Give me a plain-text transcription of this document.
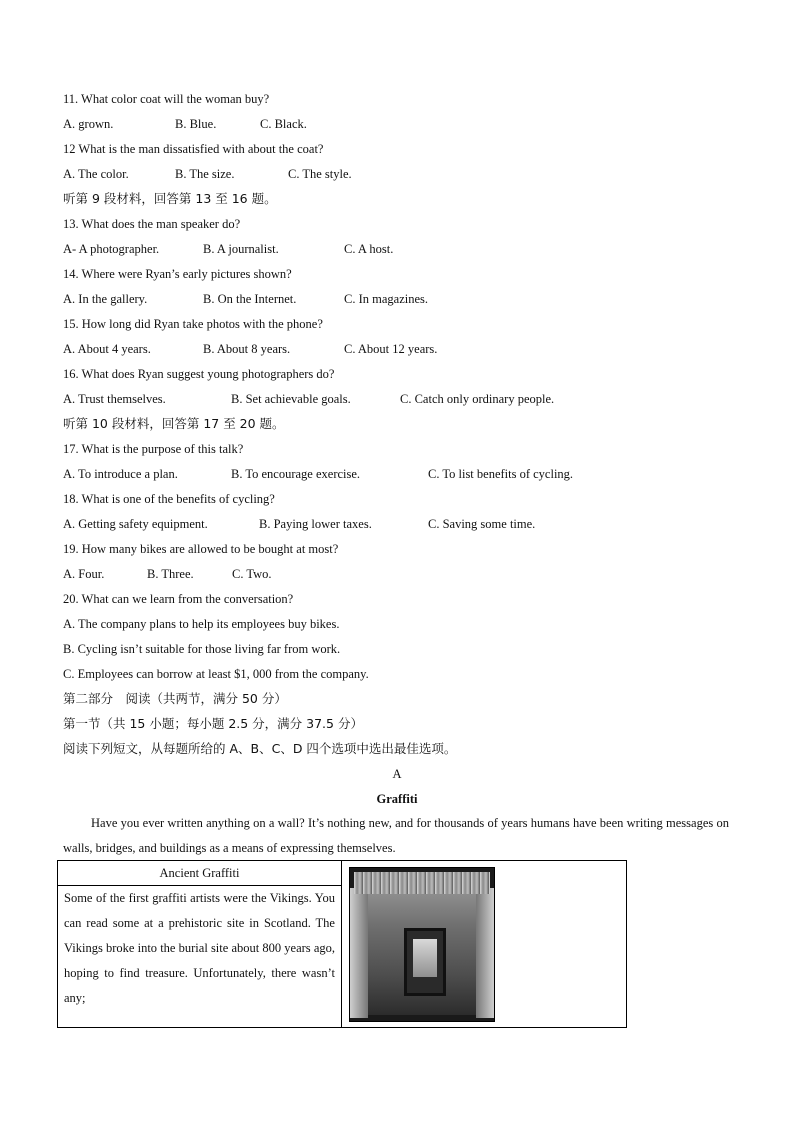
11. What color coat will the woman buy?
A. grown.	B. Blue.	C. Black.
12 What is the man dissatisfied with about the coat?
A. The color.	B. The size.	C. The style.
听第 9 段材料，回答第 13 至 16 题。
13. What does the man speaker do?
A- A photographer.	B. A journalist.	C. A host.
14. Where were Ryan’s early pictures shown?
A. In the gallery.	B. On the Internet.	C. In magazines.
15. How long did Ryan take photos with the phone?
A. About 4 years.	B. About 8 years.	C. About 12 years.
16. What does Ryan suggest young photographers do?
A. Trust themselves.	B. Set achievable goals.	C. Catch only ordinary people.
听第 10 段材料，回答第 17 至 20 题。
17. What is the purpose of this talk?
A. To introduce a plan.	B. To encourage exercise.	C. To list benefits of cycling.
18. What is one of the benefits of cycling?
A. Getting safety equipment.	B. Paying lower taxes.	C. Saving some time.
19. How many bikes are allowed to be bought at most?
A. Four.	B. Three.	C. Two.
20. What can we learn from the conversation?
A. The company plans to help its employees buy bikes.
B. Cycling isn’t suitable for those living far from work.
C. Employees can borrow at least $1, 000 from the company.
第二部分　阅读（共两节，满分 50 分）
第一节（共 15 小题；每小题 2.5 分，满分 37.5 分）
阅读下列短文，从每题所给的 A、B、C、D 四个选项中选出最佳选项。
A
Graffiti
Have you ever written anything on a wall? It’s nothing new, and for thousands of years humans have been writing messages on walls, bridges, and buildings as a means of expressing themselves.
Ancient Graffiti
Some of the first graffiti artists were the Vikings. You can read some at a prehistoric site in Scotland. The Vikings broke into the burial site about 800 years ago, hoping to find treasure. Unfortunately, there wasn’t any;
